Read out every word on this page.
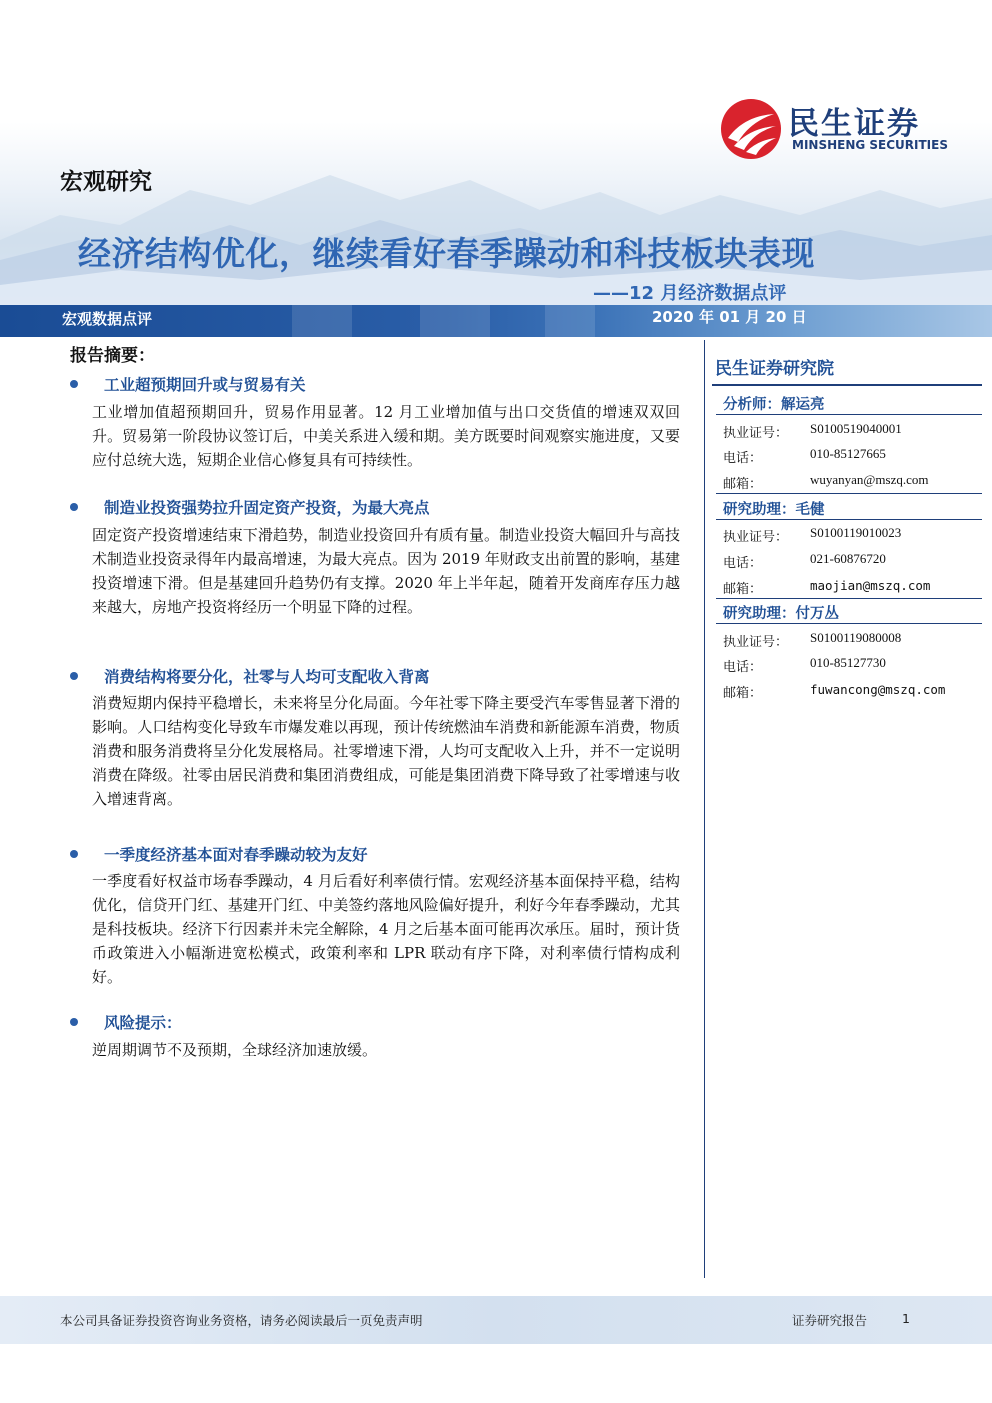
民生证券
MINSHENG SECURITIES
宏观研究
经济结构优化，继续看好春季躁动和科技板块表现
——12 月经济数据点评
宏观数据点评	2020 年 01 月 20 日
报告摘要：
工业超预期回升或与贸易有关
工业增加值超预期回升，贸易作用显著。12 月工业增加值与出口交货值的增速双双回升。贸易第一阶段协议签订后，中美关系进入缓和期。美方既要时间观察实施进度，又要应付总统大选，短期企业信心修复具有可持续性。
制造业投资强势拉升固定资产投资，为最大亮点
固定资产投资增速结束下滑趋势，制造业投资回升有质有量。制造业投资大幅回升与高技术制造业投资录得年内最高增速，为最大亮点。因为 2019 年财政支出前置的影响，基建投资增速下滑。但是基建回升趋势仍有支撑。2020 年上半年起，随着开发商库存压力越来越大，房地产投资将经历一个明显下降的过程。
消费结构将要分化，社零与人均可支配收入背离
消费短期内保持平稳增长，未来将呈分化局面。今年社零下降主要受汽车零售显著下滑的影响。人口结构变化导致车市爆发难以再现，预计传统燃油车消费和新能源车消费，物质消费和服务消费将呈分化发展格局。社零增速下滑，人均可支配收入上升，并不一定说明消费在降级。社零由居民消费和集团消费组成，可能是集团消费下降导致了社零增速与收入增速背离。
一季度经济基本面对春季躁动较为友好
一季度看好权益市场春季躁动，4 月后看好利率债行情。宏观经济基本面保持平稳，结构优化，信贷开门红、基建开门红、中美签约落地风险偏好提升，利好今年春季躁动，尤其是科技板块。经济下行因素并未完全解除，4 月之后基本面可能再次承压。届时，预计货币政策进入小幅渐进宽松模式，政策利率和 LPR 联动有序下降，对利率债行情构成利好。
风险提示：
逆周期调节不及预期，全球经济加速放缓。
民生证券研究院
分析师：解运亮
执业证号： S0100519040001
电话：	010-85127665
邮箱：	wuyanyan@mszq.com
研究助理：毛健
执业证号： S0100119010023
电话：	021-60876720
邮箱：	maojian@mszq.com
研究助理：付万丛
执业证号： S0100119080008
电话：	010-85127730
邮箱：	fuwancong@mszq.com
本公司具备证券投资咨询业务资格，请务必阅读最后一页免责声明	证券研究报告	1
